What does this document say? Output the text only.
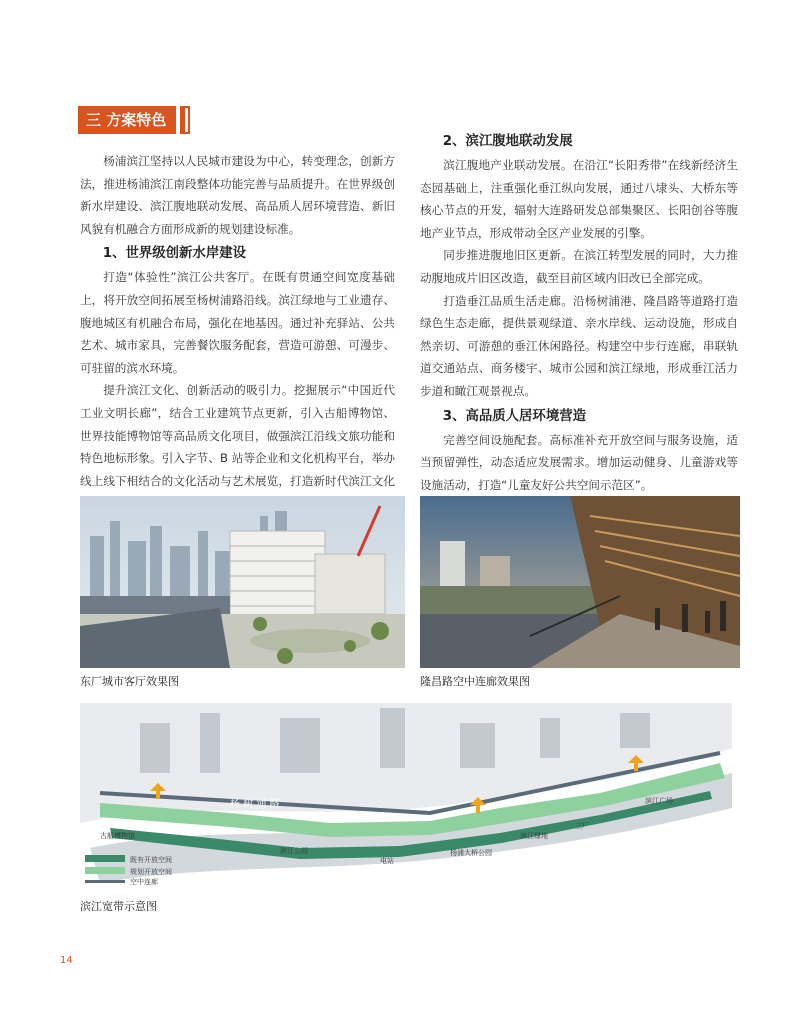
三 方案特色

杨浦滨江坚持以人民城市建设为中心，转变理念，创新方法，推进杨浦滨江南段整体功能完善与品质提升。在世界级创新水岸建设、滨江腹地联动发展、高品质人居环境营造、新旧风貌有机融合方面形成新的规划建设标准。

1、世界级创新水岸建设

打造“体验性”滨江公共客厅。在既有贯通空间宽度基础上，将开放空间拓展至杨树浦路沿线。滨江绿地与工业遗存、腹地城区有机融合布局，强化在地基因。通过补充驿站、公共艺术、城市家具，完善餐饮服务配套，营造可游憩、可漫步、可驻留的滨水环境。

提升滨江文化、创新活动的吸引力。挖掘展示“中国近代工业文明长廊”，结合工业建筑节点更新，引入古船博物馆、世界技能博物馆等高品质文化项目，做强滨江沿线文旅功能和特色地标形象。引入字节、B 站等企业和文化机构平台，举办线上线下相结合的文化活动与艺术展览，打造新时代滨江文化

2、滨江腹地联动发展

滨江腹地产业联动发展。在沿江“长阳秀带”在线新经济生态园基础上，注重强化垂江纵向发展，通过八埭头、大桥东等核心节点的开发，辐射大连路研发总部集聚区、长阳创谷等腹地产业节点，形成带动全区产业发展的引擎。

同步推进腹地旧区更新。在滨江转型发展的同时，大力推动腹地成片旧区改造，截至目前区域内旧改已全部完成。

打造垂江品质生活走廊。沿杨树浦港、隆昌路等道路打造绿色生态走廊，提供景观绿道、亲水岸线、运动设施，形成自然亲切、可游憩的垂江休闲路径。构建空中步行连廊，串联轨道交通站点、商务楼宇、城市公园和滨江绿地，形成垂江活力步道和瞰江观景视点。

3、高品质人居环境营造

完善空间设施配套。高标准补充开放空间与服务设施，适当预留弹性，动态适应发展需求。增加运动健身、儿童游戏等设施活动，打造“儿童友好公共空间示范区”。

东厂城市客厅效果图	隆昌路空中连廊效果图
杨 树 浦 路
古船博物馆
滨江公园
电站
杨浦大桥公园
滨江绿地
三厂
滨江广场
既有开放空间
规划开放空间
空中连廊
滨江宽带示意图
14
